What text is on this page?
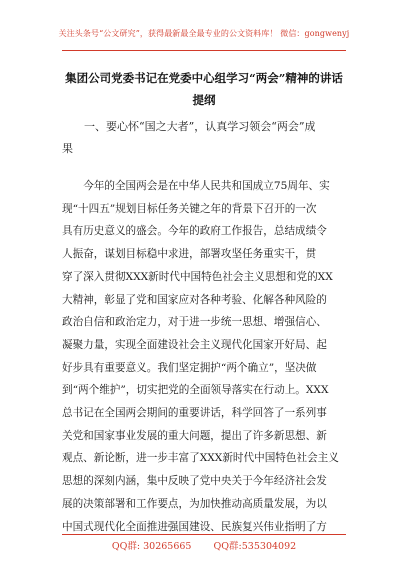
关注头条号“公文研究”，获得最新最全最专业的公文资料库！ 微信：gongwenyj
集团公司党委书记在党委中心组学习“两会”精神的讲话
提纲
一、要心怀“国之大者”，认真学习领会“两会”成
果
今年的全国两会是在中华人民共和国成立75周年、实
现“十四五”规划目标任务关键之年的背景下召开的一次
具有历史意义的盛会。今年的政府工作报告，总结成绩令
人振奋，谋划目标稳中求进，部署攻坚任务重实干，贯
穿了深入贯彻XXX新时代中国特色社会主义思想和党的XX
大精神，彰显了党和国家应对各种考验、化解各种风险的
政治自信和政治定力，对于进一步统一思想、增强信心、
凝聚力量，实现全面建设社会主义现代化国家开好局、起
好步具有重要意义。我们坚定拥护“两个确立”，坚决做
到“两个维护”，切实把党的全面领导落实在行动上。XXX
总书记在全国两会期间的重要讲话，科学回答了一系列事
关党和国家事业发展的重大问题，提出了许多新思想、新
观点、新论断，进一步丰富了XXX新时代中国特色社会主义
思想的深刻内涵，集中反映了党中央关于今年经济社会发
展的决策部署和工作要点，为加快推动高质量发展，为以
中国式现代化全面推进强国建设、民族复兴伟业指明了方
QQ群: 30265665 QQ群:535304092
